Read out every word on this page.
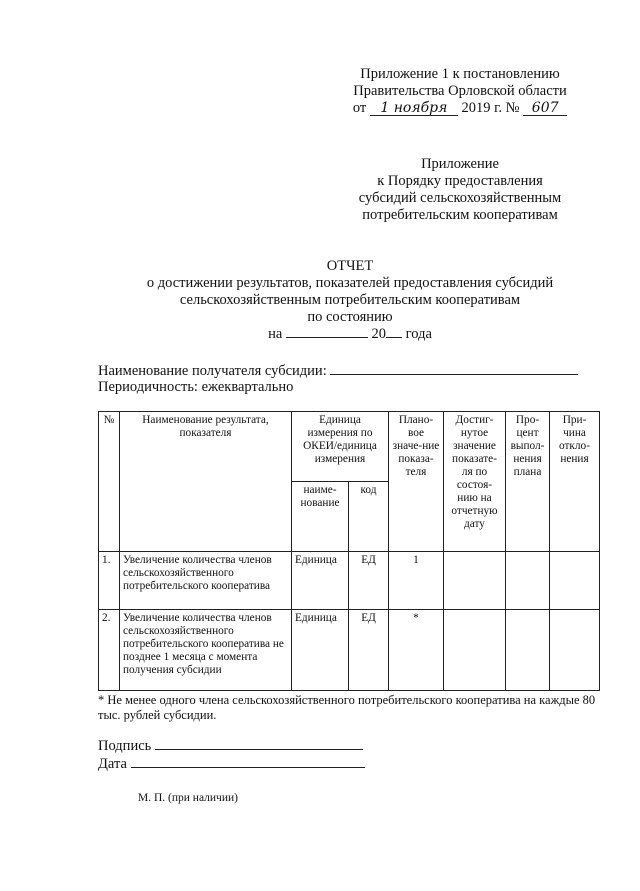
Приложение 1 к постановлению
Правительства Орловской области
от 1 ноября 2019 г. № 607
Приложение
к Порядку предоставления
субсидий сельскохозяйственным
потребительским кооперативам
ОТЧЕТ
о достижении результатов, показателей предоставления субсидий
сельскохозяйственным потребительским кооперативам
по состоянию
на	20 года
Наименование получателя субсидии:
Периодичность: ежеквартально
№	Наименование результата, показателя	Единица измерения по ОКЕИ/единица измерения		Плано-вое значе-ние показа-теля	Достиг-нутое значение показате-ля по состоя-нию на отчетную дату	Про-цент выпол-нения плана	При-чина откло-нения
		наиме-нование	код				
1.	Увеличение количества членов сельскохозяйственного потребительского кооператива	Единица	ЕД	1			
2.	Увеличение количества членов сельскохозяйственного потребительского кооператива не позднее 1 месяца с момента получения субсидии	Единица	ЕД	*			
* Не менее одного члена сельскохозяйственного потребительского кооператива на каждые 80 тыс. рублей субсидии.
Подпись
Дата
М. П. (при наличии)
